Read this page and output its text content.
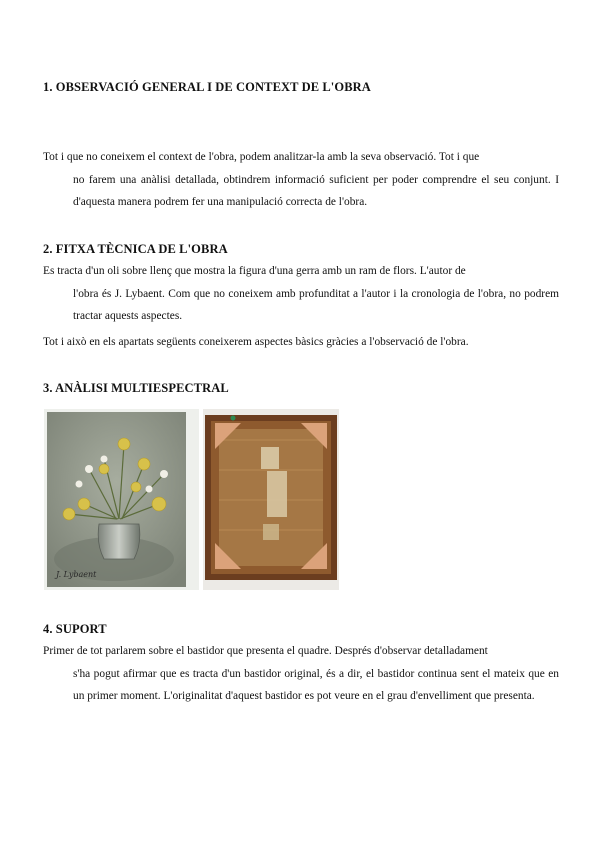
1. OBSERVACIÓ GENERAL I DE CONTEXT DE L'OBRA
Tot i que no coneixem el context de l'obra, podem analitzar-la amb la seva observació. Tot i que
no farem una anàlisi detallada, obtindrem informació suficient per poder comprendre el seu conjunt. I d'aquesta manera podrem fer una manipulació correcta de l'obra.
2. FITXA TÈCNICA DE L'OBRA
Es tracta d'un oli sobre llenç que mostra la figura d'una gerra amb un ram de flors. L'autor de
l'obra és J. Lybaent. Com que no coneixem amb profunditat a l'autor i la cronologia de l'obra, no podrem tractar aquests aspectes.
Tot i això en els apartats següents coneixerem aspectes bàsics gràcies a l'observació de l'obra.
3. ANÀLISI MULTIESPECTRAL
J. Lybaent
4. SUPORT
Primer de tot parlarem sobre el bastidor que presenta el quadre. Després d'observar detalladament
s'ha pogut afirmar que es tracta d'un bastidor original, és a dir, el bastidor continua sent el mateix que en un primer moment. L'originalitat d'aquest bastidor es pot veure en el grau d'envelliment que presenta.
